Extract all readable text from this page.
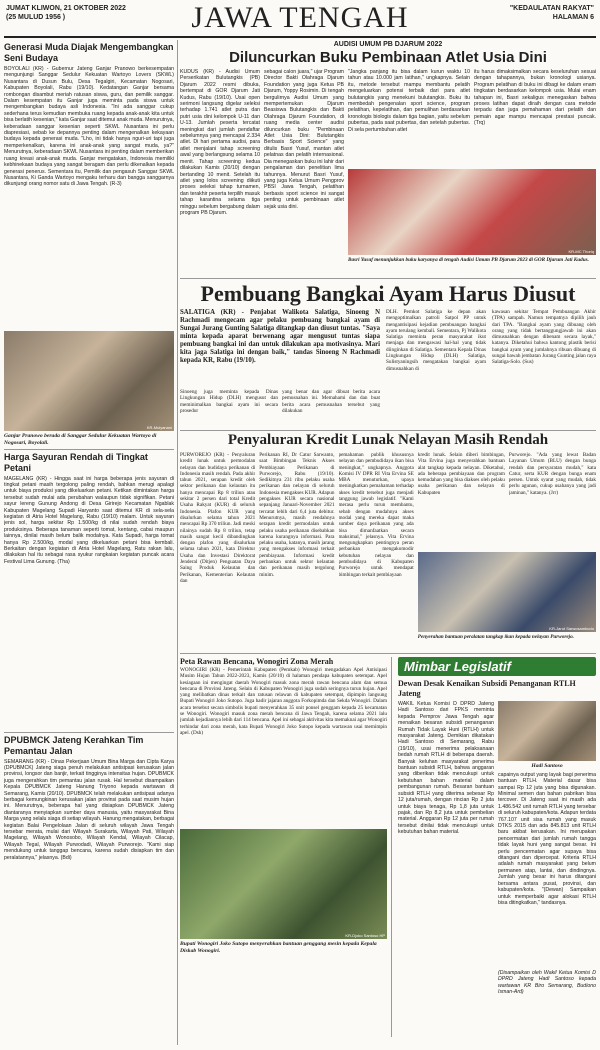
JUMAT KLIWON, 21 OKTOBER 2022
(25 MULUD 1956 )	JAWA TENGAH	"KEDAULATAN RAKYAT"
HALAMAN 6
Generasi Muda Diajak Mengembangkan Seni Budaya

BOYOLALI (KR) - Gubernur Jateng Ganjar Pranowo berkesempatan mengunjungi Sanggar Sedulur Kekuatan Wartoyo Lovers (SKWL) Nusantara di Dusun Bulu, Desa Tegalgiri, Kecamatan Nogosari, Kabupaten Boyolali, Rabu (19/10). Kedatangan Ganjar bersama rombongan disambut meriah ratusan siswa, guru, dan pemilik sanggar. Dalam kesempatan itu Ganjar juga meminta pada siswa untuk mengembangkan budaya asli Indonesia. "Ini ada sanggar cukup sederhana terus kemudian membuka ruang kepada anak-anak kita untuk bisa berlatih kesenian," kata Ganjar saat ditemui anak muda. Menurutnya, keberadaan sanggar kesenian seperti SKWL Nusantara ini perlu diapresiasi, sebab ke depannya penting dalam mengenalkan kekayaan budaya kepada generasi muda. "Lho, ini tidak hanya nguri-uri tapi juga memperkenalkan, karena ini anak-anak yang sangat muda, ya?" Menurutnya, keberadaan SKWL Nusantara ini penting dalam memberikan ruang kreasi anak-anak muda. Ganjar mengatakan, Indonesia memiliki kebhinekaan budaya yang sangat beragam dan perlu dikenalkan kepada generasi penerus. Sementara itu, Pemilik dan pengasuh Sanggar SKWL Nusantara, Ki Ganda Wartoyo mengaku terharu dan bangga sanggarnya dikunjungi orang nomor satu di Jawa Tengah. (R-3)

KR-Mulyanani
Ganjar Pranowo berada di Sanggar Sedulur Kekuatan Wartoyo di Nogosari, Boyolali.
Harga Sayuran Rendah di Tingkat Petani

MAGELANG (KR) - Hingga saat ini harga beberapa jenis sayuran di tingkat petani masih tergolong paling rendah, bahkan merugi apalagi untuk biaya produksi yang dikeluarkan petani. Ketikan dimintakan harga tersebut sudah mulai ada perubahan walaupun tidak signifikan. Petani sayur lereng Gunung Andong di Desa Girirejo Kecamatan Ngablak Kabupaten Magelang Supadi Haryanto saat ditemui KR di sela-sela kegiatan di Atria Hotel Magelang, Rabu (19/10) malam. Untuk sayuran jenis sol, harga sekitar Rp 1.500/kg di nilai sudah rendah biaya produksinya. Beberapa tanaman seperti tomat, kentang, cabai maupun lainnya, dinilai masih belum balik modalnya. Kata Supadi, harga tomat hanya Rp 2.500/kg, modal yang dikeluarkan petani bisa kembali. Berkaitan dengan kegiatan di Atria Hotel Magelang, Ratu rakan lalu, dilakukan hal itu sebagai rasa syukur rangkaian kegiatan puncak acara Festival Lima Gunung. (Tha)

DPUBMCK Jateng Kerahkan Tim Pemantau Jalan

SEMARANG (KR) - Dinas Pekerjaan Umum Bina Marga dan Cipta Karya (DPUBMCK) Jateng siaga penuh melakukan antisipasi kerusakan jalan provinsi, longsor dan banjir, terkait tingginya intensitas hujan. DPUBMCK juga mengerahkan tim pemantau jalan rusak. Hal tersebut disampaikan Kepala DPUBMCK Jateng Hanung Triyono kepada wartawan di Semarang, Kamis (20/10). DPUBMCK telah melakukan antisipasi adanya berbagai kemungkinan kerusakan jalan provinsi pada saat musim hujan ini. Menurutnya, beberapa hal yang disiapkan DPUBMCK Jateng diantaranya menyiapkan sumber daya manusia, yaitu masyarakat Bina Marga yang selalu siaga di setiap wilayah. Hanung mengatakan, berbagai kegiatan Balai Pengelolaan Jalan di seluruh wilayah Jawa Tengah tersebar merata, mulai dari Wilayah Surakarta, Wilayah Pati, Wilayah Magelang, Wilayah Wonosobo, Wilayah Kendal, Wilayah Cilacap, Wilayah Tegal, Wilayah Purwodadi, Wilayah Purworejo. "Kami siap mendukung untuk tanggap bencana, karena sudah disiapkan tim dan peralatannya," jelasnya. (Bdi)

AUDISI UMUM PB DJARUM 2022
Diluncurkan Buku Pembinaan Atlet Usia Dini

KUDUS (KR) - Audisi Umum Perserikatan Bulutangkis (PB) Djarum 2022 resmi dibuka, bertempat di GOR Djarum Jati Kudus, Rabu (19/10). Usai open serimoni langsung digelar seleksi terhadap 1.741 atlet putra dan putri usia dini kelompok U-11 dan U-13. Jumlah peserta tercatat meningkat dari jumlah pendaftar sebelumnya yang mencapai 2.334 atlet. Di hari pertama audisi, para atlet menjalani tahap screening awal yang berlangsung selama 10 menit. Tahap screening kedua dilakukan Kamis (20/10) dengan bertanding 10 menit. Setelah itu atlet yang lolos screening diikuti proses seleksi tahap turnamen, dan terakhir peserta terpilih masuk tahap karantina selama tiga minggu sebelum bergabung dalam program PB Djarum.

sebagai calon juara," ujar Program Director Bakti Olahraga Djarum Foundation yang juga Ketua PB Djarum, Yoppy Rosimin. Di tengah bergulirnya Audisi Umum yang mempertemukan Djarum Beasiswa Bulutangkis dan Bakti Olahraga Djarum Foundation, di ruang media center audisi diluncurkan buku "Pembinaan Atlet Usia Dini: Bulutangkis Berbasis Sport Science" yang ditulis Basri Yusuf, mantan atlet pelatnas dan pelatih internasional. Dia menegaskan buku ini lahir dari pengalaman dan penelitian lima tahunnya. Menurut Basri Yusuf, yang juga Ketua Umum Pengprov PBSI Jawa Tengah, pelatihan berbasis sport science ini sangat penting untuk pembinaan atlet sejak usia dini.

"Jangka panjang itu bisa dalam kurun waktu 10 tahun atau 10.000 jam latihan," ungkapnya. Selain itu, metode tersebut mampu membantu pelatih mengeluarkan potensi terbaik dari para atlet bulutangkis yang menekuni bulutangkis. Buku itu membedah pengenalan sport science, program pelatihan, kepelatihan, dan pemulihan berdasarkan kronologis biologis dalam tiga bagian, yaitu sebelum pubertas, pada saat pubertas, dan setelah pubertas. Di sela pertumbuhan atlet

itu harus dimaksimalkan secara keseluruhan sesuai dengan tahapannya, bukan kronologi usianya. Program pelatihan di buku ini dibagi ke dalam enam tingkatan berdasarkan kelompok usia. Mulai enam tahapan ini, Basri sekaligus menegaskan bahwa proses latihan dapat diraih dengan cara metode terpadu dan juga pemahaman dari pelatih dan pemain agar mampu mencapai prestasi puncak. (Trq)

KR-MC Thoriq
Basri Yusuf menunjukkan buku karyanya di tengah Audisi Umum PB Djarum 2023 di GOR Djarum Jati Kudus.
Pembuang Bangkai Ayam Harus Diusut

SALATIGA (KR) - Penjabat Walikota Salatiga, Sinoeng N Rachmadi mengecam agar pelaku pembuang bangkai ayam di Sungai Jurang Gunting Salatiga ditangkap dan diusut tuntas. "Saya minta kepada aparat berwenang agar mengusut tuntas siapa pembuang bangkai ini dan untuk dilakukan apa motivasinya. Mari kita jaga Salatiga ini dengan baik," tandas Sinoeng N Rachmadi kepada KR, Rabu (19/10).

Sinoeng juga meminta kepada Dinas Lingkungan Hidup (DLH) mengusut dan meminimalkan bangkai ayam ini secara prosedur

yang benar dan agar dibuat berita acara pemusnahan ini. Memahami dan dan buat berita acara pemusnahan tersebut yang dilakukan

DLH. Pemkot Salatiga ke depan akan mengoptimalkan patroli Satpol PP untuk mengantisipasi kejadian pembuangan bangkai ayam terulang kembali. Sementara, Pj Walikota Salatiga meminta peran masyarakat ikut menjaga dan mengawasi hal-hal yang tidak diinginkan di Salatiga. Sementara Kepala Dinas Lingkungan Hidup (DLH) Salatiga, Sulistyaningsih mengatakan bangkai ayam dimusnahkan di

kawasan sekitar Tempat Pembuangan Akhir (TPA) sampah. Namun tempatnya dipilih jauh dari TPA. "Bangkai ayam yang dibuang oleh orang yang tidak bertanggungjawab ini akan dimusnahkan dengan dibenam secara layak," katanya. Diketahui bahwa kantong plastik berisi bangkai ayam yang jumlahnya ribuan dibuang di sungai bawah jembatan Jurang Gunting jalan raya Salatiga-Solo. (Sus)

Penyaluran Kredit Lunak Nelayan Masih Rendah

PURWOREJO (KR) - Penyaluran kredit lunak untuk permodalan nelayan dan budidaya perikanan di Indonesia masih rendah. Pada akhir tahun 2021, serapan kredit oleh sektor perikanan dan kelautan itu hanya mencapai Rp 8 triliun atau sekitar 2 persen dari total Kredit Usaha Rakyat (KUR) di seluruh Indonesia. Plafon KUR yang disalurkan selama tahun 2021 mencapai Rp 370 triliun. Jadi meski nilainya sudah Rp 8 triliun, tetap masih sangat kecil dibandingkan dengan plafon yang disalurkan selama tahun 2021, kata Direktur Usaha dan Investasi Direktorat Jenderal (Ditjen) Penguatan Daya Saing Produk Kelautan dan Perikanan, Kementerian Kelautan dan

Perikanan RI, Dr Catur Sarwanto, saat Bimbingan Teknis Akses Pembiayaan Perikanan di Purworejo, Rabu (19/10). Sedikitnya 231 ribu pelaku usaha perikanan dan nelayan di seluruh Indonesia mengakses KUR. Adapun pengakses KUR secara nasional sepanjang Januari-November 2021 tercatat lebih dari 6,4 juta debitur. Menurutnya, masih rendahnya serapan kredit permodalan untuk pelaku usaha perikanan disebabkan karena kurangnya informasi. Para pelaku usaha, katanya, masih jarang yang mengakses informasi terkait pembiayaan. Informasi kredit perbankan untuk sektor kelautan dan perikanan masih tergolong minim.

pemahaman publik khususnya nelayan dan pembudidaya ikan bisa meningkat," ungkapnya. Anggota Komisi IV DPR RI Vita Ervina SE MBA menuturkan, upaya meningkatkan pemahaman terhadap akses kredit tersebut juga menjadi tanggung jawab legislatif. "Kami merasa perlu turun membantu, sebab dengan mudahnya akses modal yang mereka dapat maka sumber daya perikanan yang ada bisa dimanfaatkan secara maksimal," jelasnya. Vita Ervina mengungkapkan pentingnya peran perbankan mengakomodir kebutuhan nelayan dan pembudidaya di Kabupaten Purworejo untuk mendapat bimbingan terkait pembiayaan

kredit lunak. Selain diberi bimbingan, Vita Ervina juga menyerahkan bantuan alat tangkap kepada nelayan. Diketahui, ada beberapa pembiayaan dan program kemudahan yang bisa diakses oleh pelaku usaha perikanan dan nelayan di Kabupaten

Purworejo. "Ada yang lewat Badan Layanan Umum (BLU) dengan bunga rendah dan persyaratan mudah," kata Catur, serta KUR dengan bunga enam persen. Untuk syarat yang mudah, tidak perlu agunan, cukup usahanya yang jadi jaminan," katanya. (Jrr)

KR-Jarot Sarwosambodo
Penyerahan bantuan peralatan tangkap ikan kepada nelayan Purworejo.
Peta Rawan Bencana, Wonogiri Zona Merah

WONOGIRI (KR) - Pemerintah Kabupaten (Pemkab) Wonogiri mengadakan Apel Antisipasi Musim Hujan Tahun 2022-2023, Kamis (20/10) di halaman pendapa kabupaten setempat. Apel kesiagaan ini mengingat daerah Wonogiri masuk zona merah rawan bencana alam dan semua bencana di Provinsi Jateng. Selain di Kabupaten Wonogiri juga sudah seringnya turun hujan. Apel yang melibatkan dinas terkait dan ratusan relawan di kabupaten setempat, dipimpin langsung Bupati Wonogiri Joko Sutopo. Juga hadir jajaran anggota Forkopimda dan Sekda Wonogiri. Dalam acara tersebut secara simbolis bupati menyerahkan 35 unit ponsel genggam kepada 25 kecamatan se Wonogiri. Wonogiri masuk zona merah bencana di Jawa Tengah, karena selama 2021 lalu jumlah kejadiannya lebih dari 114 bencana. Apel ini sebagai aktivitas kita memaknai agar Wonogiri terhindar dari zona merah, kata Bupati Wonogiri Joko Sutopo kepada wartawan usai memimpin apel. (Dsh)

KR-Djoko Santoso HP
Bupati Wonogiri Joko Sutopo menyerahkan bantuan genggang mesin kepada Kepala Diskab Wonogiri.
Mimbar Legislatif
Dewan Desak Kenaikan Subsidi Penanganan RTLH Jateng

WAKIL Ketua Komisi D DPRD Jateng Hadi Santoso dari FPKS meminta kepada Pemprov Jawa Tengah agar menaikan besaran subsidi penanganan Rumah Tidak Layak Huni (RTLH) untuk masyarakat Jateng. Demikian dikatakan Hadi Santoso di Semarang, Rabu (19/10), usai menerima pelaksanaan bedah rumah RTLH di beberapa daerah. Banyak keluhan masyarakat penerima bantuan subsidi RTLH, bahwa anggaran yang diberikan tidak mencukupi untuk kebutuhan bahan material dalam pembangunan rumah. Besaran bantuan subsidi RTLH yang diterima sebesar Rp 12 juta/rumah, dengan rincian Rp 2 juta untuk biaya tenaga, Rp 1,8 juta untuk pajak, dan Rp 8,2 juta untuk pembelian material. Anggaran Rp 12 juta per rumah tersebut dinilai tidak mencukupi untuk kebutuhan bahan material.

Hadi Santoso

capainya output yang layak bagi penerima bantuan RTLH. Material dasar bisa sampai Rp 12 juta yang bisa digunakan. Minimal semen dan bahan pabrikan bisa tercover. Di Jateng saat ini masih ada 1.486.542 unit rumah RTLH yang tersebar di seluruh kabupaten/kota. Adapun terdata 767.107 unit sisa rumah yang masuk DTKS 2015 dan ada 845.813 unit RTLH baru akibat kerusakan. Ini merupakan pencermatan dari jumlah rumah tangga tidak layak huni yang sangat besar. Ini perlu pencermatan agar supaya bisa ditangani dan dipercepat. Kriteria RTLH adalah rumah masyarakat yang belum permanen atap, lantai, dan dindingnya. Jumlah yang besar ini harus ditangani bersama antara pusat, provinsi, dan kabupaten/kota. "(Dewan) Sampaikan untuk memperbaiki agar alokasi RTLH bisa ditingkatkan," tandasnya.

(Disampaikan oleh Wakil Ketua Komisi D DPRD Jateng Hadi Santoso kepada wartawan KR Biro Semarang, Budiono Isman-Ard)
